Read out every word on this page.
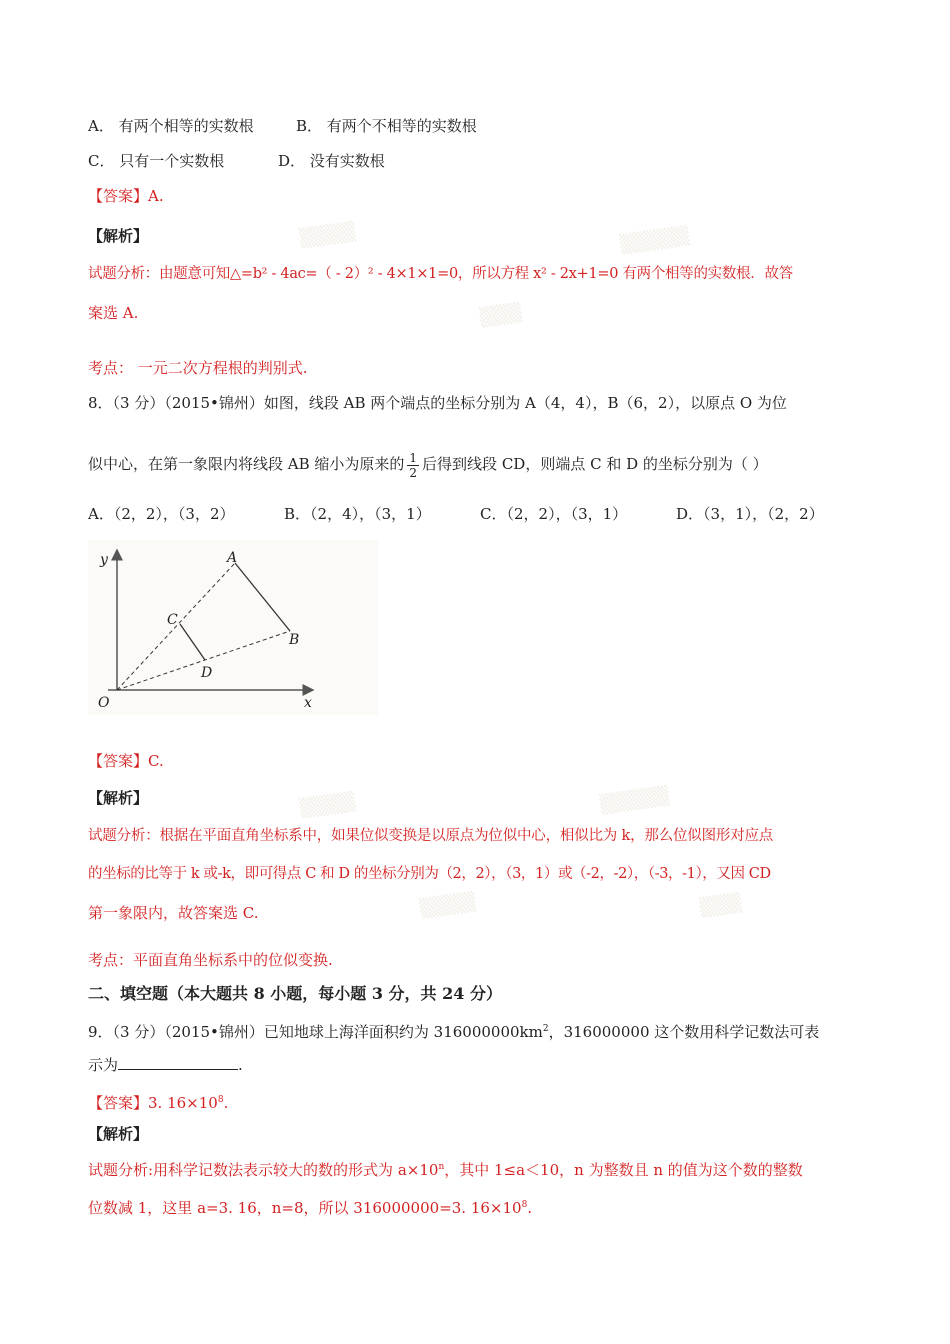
▒▒▒▒	▒▒▒▒▒
▒▒▒
▒▒▒▒	▒▒▒▒▒
▒▒▒▒	▒▒▒
A． 有两个相等的实数根	B． 有两个不相等的实数根
C． 只有一个实数根	D． 没有实数根
【答案】A.
【解析】
试题分析：由题意可知△=b² - 4ac=（ - 2）² - 4×1×1=0，所以方程 x² - 2x+1=0 有两个相等的实数根．故答
案选 A.
考点： 一元二次方程根的判别式.
8．（3 分）（2015•锦州）如图，线段 AB 两个端点的坐标分别为 A（4，4），B（6，2），以原点 O 为位
似中心，在第一象限内将线段 AB 缩小为原来的 $\frac{1}{2}$ 后得到线段 CD，则端点 C 和 D 的坐标分别为（ ）
A．（2，2），（3，2）	B．（2，4），（3，1）	C．（2，2），（3，1）	D．（3，1），（2，2）
y
x
O
A
B
C
D
【答案】C.
【解析】
试题分析：根据在平面直角坐标系中，如果位似变换是以原点为位似中心，相似比为 k，那么位似图形对应点
的坐标的比等于 k 或-k，即可得点 C 和 D 的坐标分别为（2，2），（3，1）或（-2，-2），（-3，-1），又因 CD
第一象限内，故答案选 C.
考点：平面直角坐标系中的位似变换.
二、填空题（本大题共 8 小题，每小题 3 分，共 24 分）
9．（3 分）（2015•锦州）已知地球上海洋面积约为 $316000000km^2$，316000000 这个数用科学记数法可表
示为	.
【答案】3. $16\times 10^8$.
【解析】
试题分析:用科学记数法表示较大的数的形式为 $a\times 10^n$，其中 1≤a＜10，n 为整数且 n 的值为这个数的整数
位数减 1，这里 a=3. 16，n=8，所以 316000000=3. $16\times 10^8$.
